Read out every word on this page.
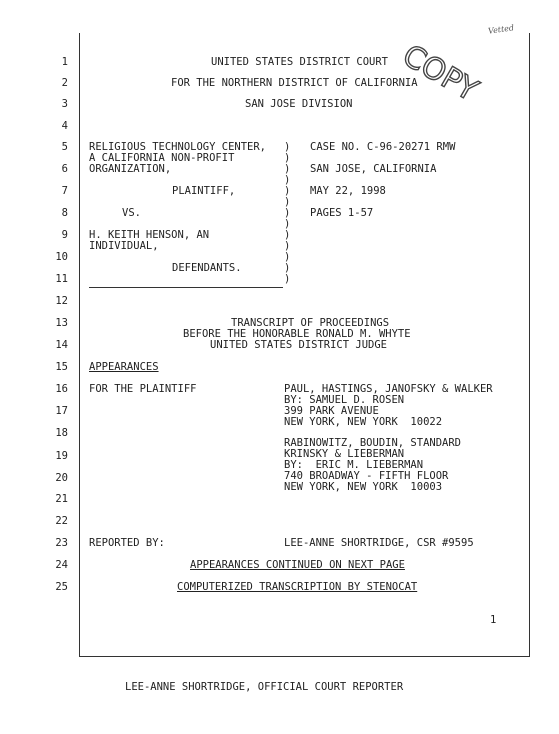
1
2
3
4
5
6
7
8
9
10
11
12
13
14
15
16
17
18
19
20
21
22
23
24
25
COPY
Vetted
UNITED STATES DISTRICT COURT
FOR THE NORTHERN DISTRICT OF CALIFORNIA
SAN JOSE DIVISION
RELIGIOUS TECHNOLOGY CENTER,
A CALIFORNIA NON-PROFIT
ORGANIZATION,
PLAINTIFF,
VS.
H. KEITH HENSON, AN
INDIVIDUAL,
DEFENDANTS.
)
)
)
)
)
)
)
)
)
)
)
)
)
CASE NO. C-96-20271 RMW
SAN JOSE, CALIFORNIA
MAY 22, 1998
PAGES 1-57
TRANSCRIPT OF PROCEEDINGS
BEFORE THE HONORABLE RONALD M. WHYTE
UNITED STATES DISTRICT JUDGE
APPEARANCES
FOR THE PLAINTIFF	PAUL, HASTINGS, JANOFSKY & WALKER
BY: SAMUEL D. ROSEN
399 PARK AVENUE
NEW YORK, NEW YORK  10022
RABINOWITZ, BOUDIN, STANDARD
KRINSKY & LIEBERMAN
BY:  ERIC M. LIEBERMAN
740 BROADWAY - FIFTH FLOOR
NEW YORK, NEW YORK  10003
REPORTED BY:	LEE-ANNE SHORTRIDGE, CSR #9595
APPEARANCES CONTINUED ON NEXT PAGE
COMPUTERIZED TRANSCRIPTION BY STENOCAT
1
LEE-ANNE SHORTRIDGE, OFFICIAL COURT REPORTER
